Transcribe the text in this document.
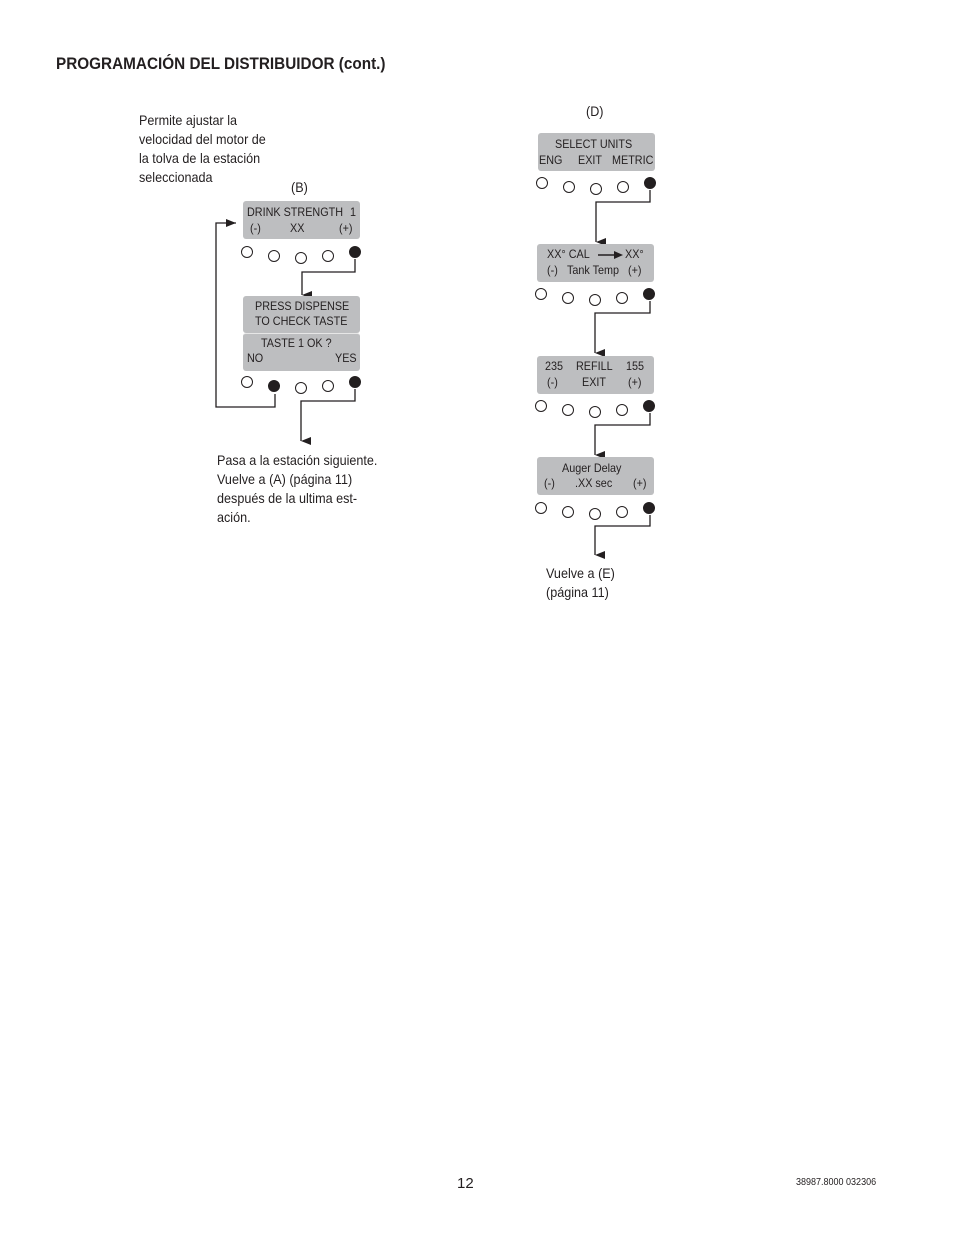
PROGRAMACIÓN DEL DISTRIBUIDOR (cont.)
Permite ajustar la
velocidad del motor de
la tolva de la estación
seleccionada
(B)
DRINK STRENGTH 1
(-) XX	(+)
PRESS DISPENSE
TO CHECK TASTE
TASTE 1 OK ?
NO	YES
Pasa a la estación siguiente.
Vuelve a (A) (página 11)
después de la ultima est-
ación.
(D)
SELECT UNITS
ENG EXIT METRIC
XX° CAL	XX°
(-) Tank Temp (+)
235 REFILL 155
(-) EXIT (+)
Auger Delay
(-) .XX sec (+)
Vuelve a (E)
(página 11)
12	38987.8000 032306
